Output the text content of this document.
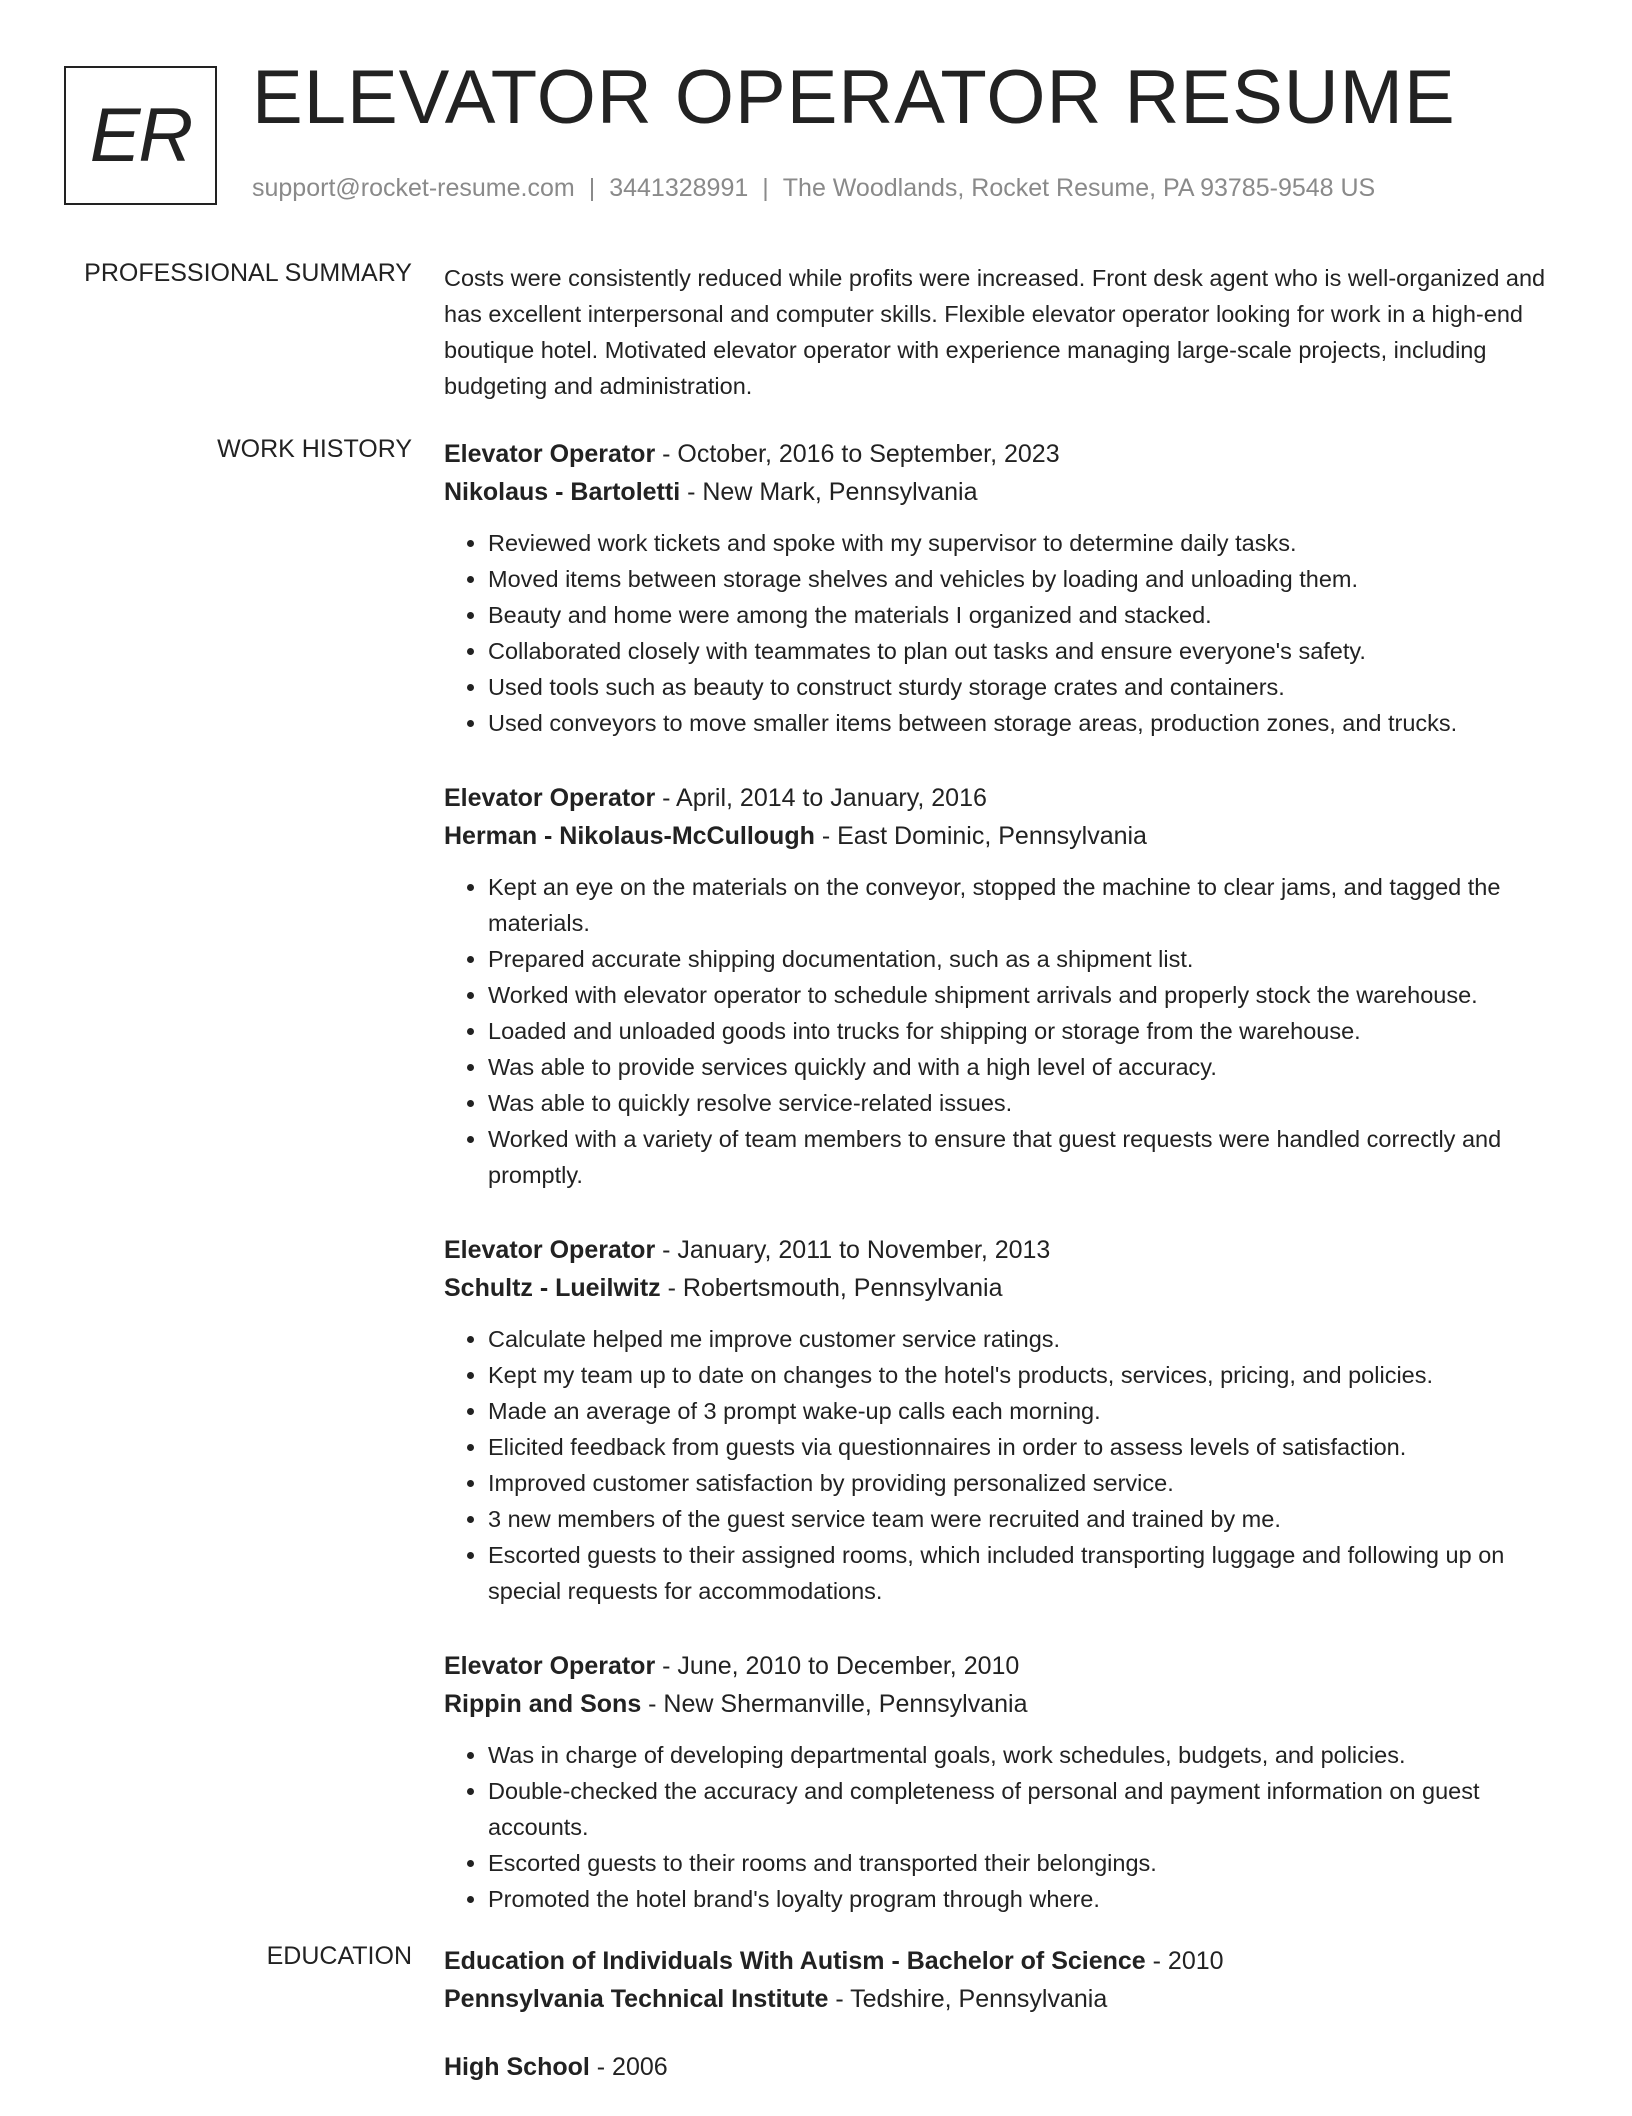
ER ELEVATOR OPERATOR RESUME
support@rocket-resume.com | 3441328991 | The Woodlands, Rocket Resume, PA 93785-9548 US
PROFESSIONAL SUMMARY Costs were consistently reduced while profits were increased. Front desk agent who is well-organized and has excellent interpersonal and computer skills. Flexible elevator operator looking for work in a high-end boutique hotel. Motivated elevator operator with experience managing large-scale projects, including budgeting and administration.

WORK HISTORY Elevator Operator - October, 2016 to September, 2023
Nikolaus - Bartoletti - New Mark, Pennsylvania
• Reviewed work tickets and spoke with my supervisor to determine daily tasks.
• Moved items between storage shelves and vehicles by loading and unloading them.
• Beauty and home were among the materials I organized and stacked.
• Collaborated closely with teammates to plan out tasks and ensure everyone's safety.
• Used tools such as beauty to construct sturdy storage crates and containers.
• Used conveyors to move smaller items between storage areas, production zones, and trucks.
Elevator Operator - April, 2014 to January, 2016
Herman - Nikolaus-McCullough - East Dominic, Pennsylvania
• Kept an eye on the materials on the conveyor, stopped the machine to clear jams, and tagged the materials.
• Prepared accurate shipping documentation, such as a shipment list.
• Worked with elevator operator to schedule shipment arrivals and properly stock the warehouse.
• Loaded and unloaded goods into trucks for shipping or storage from the warehouse.
• Was able to provide services quickly and with a high level of accuracy.
• Was able to quickly resolve service-related issues.
• Worked with a variety of team members to ensure that guest requests were handled correctly and promptly.
Elevator Operator - January, 2011 to November, 2013
Schultz - Lueilwitz - Robertsmouth, Pennsylvania
• Calculate helped me improve customer service ratings.
• Kept my team up to date on changes to the hotel's products, services, pricing, and policies.
• Made an average of 3 prompt wake-up calls each morning.
• Elicited feedback from guests via questionnaires in order to assess levels of satisfaction.
• Improved customer satisfaction by providing personalized service.
• 3 new members of the guest service team were recruited and trained by me.
• Escorted guests to their assigned rooms, which included transporting luggage and following up on special requests for accommodations.
Elevator Operator - June, 2010 to December, 2010
Rippin and Sons - New Shermanville, Pennsylvania
• Was in charge of developing departmental goals, work schedules, budgets, and policies.
• Double-checked the accuracy and completeness of personal and payment information on guest accounts.
• Escorted guests to their rooms and transported their belongings.
• Promoted the hotel brand's loyalty program through where.
EDUCATION Education of Individuals With Autism - Bachelor of Science - 2010
Pennsylvania Technical Institute - Tedshire, Pennsylvania
High School - 2006
